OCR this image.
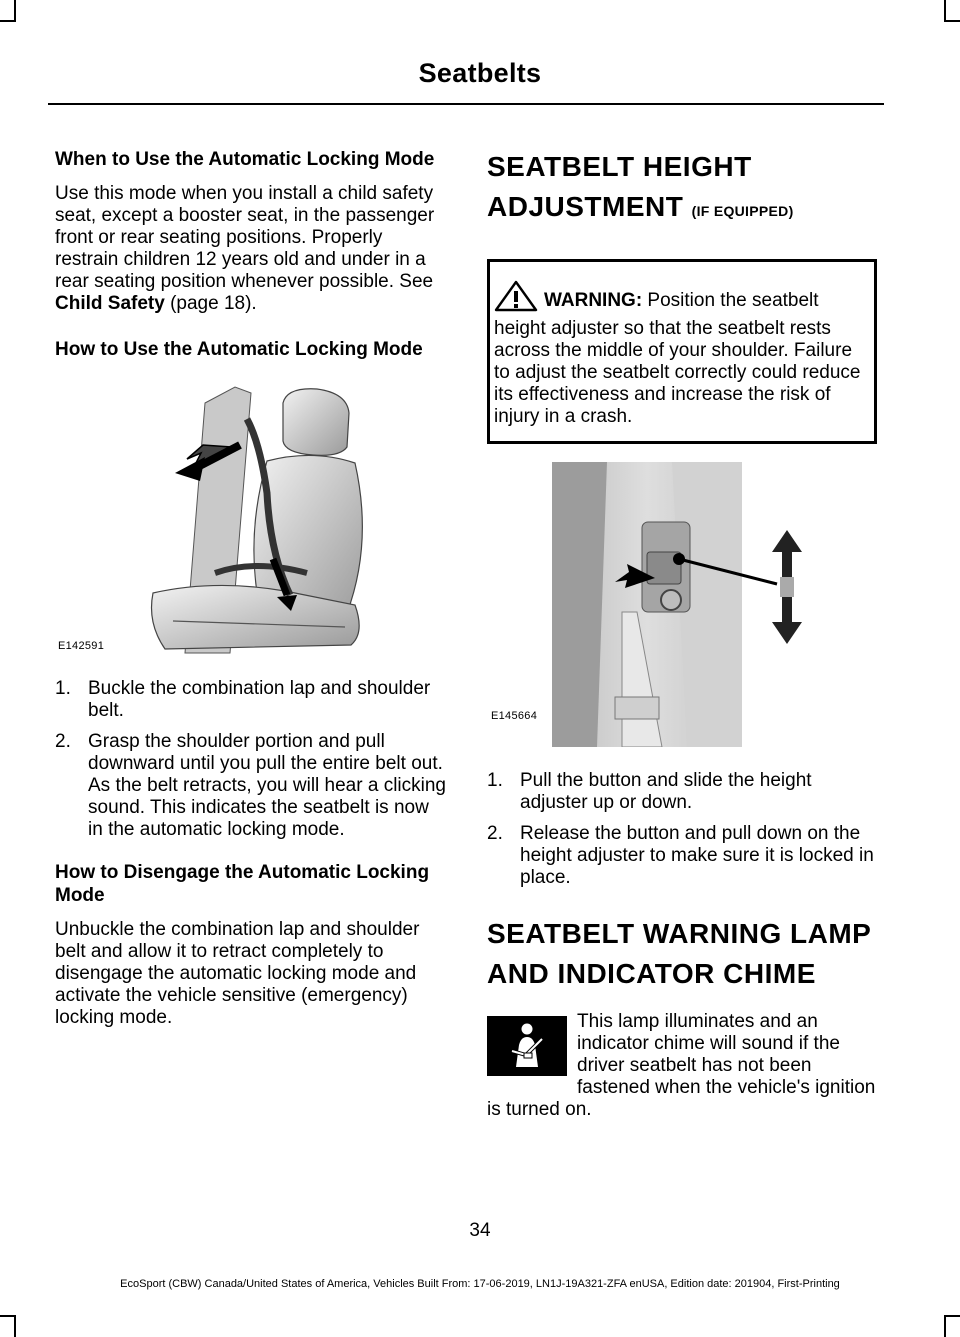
Seatbelts
When to Use the Automatic Locking Mode

Use this mode when you install a child safety seat, except a booster seat, in the passenger front or rear seating positions. Properly restrain children 12 years old and under in a rear seating position whenever possible. See Child Safety (page 18).

How to Use the Automatic Locking Mode
E142591
1. Buckle the combination lap and shoulder belt.
2. Grasp the shoulder portion and pull downward until you pull the entire belt out. As the belt retracts, you will hear a clicking sound. This indicates the seatbelt is now in the automatic locking mode.
How to Disengage the Automatic Locking Mode

Unbuckle the combination lap and shoulder belt and allow it to retract completely to disengage the automatic locking mode and activate the vehicle sensitive (emergency) locking mode.

SEATBELT HEIGHT
ADJUSTMENT (IF EQUIPPED)
WARNING: Position the seatbelt height adjuster so that the seatbelt rests across the middle of your shoulder. Failure to adjust the seatbelt correctly could reduce its effectiveness and increase the risk of injury in a crash.
E145664
1. Pull the button and slide the height adjuster up or down.
2. Release the button and pull down on the height adjuster to make sure it is locked in place.
SEATBELT WARNING LAMP
AND INDICATOR CHIME

This lamp illuminates and an indicator chime will sound if the driver seatbelt has not been fastened when the vehicle's ignition is turned on.

34
EcoSport (CBW) Canada/United States of America, Vehicles Built From: 17-06-2019, LN1J-19A321-ZFA enUSA, Edition date: 201904, First-Printing
